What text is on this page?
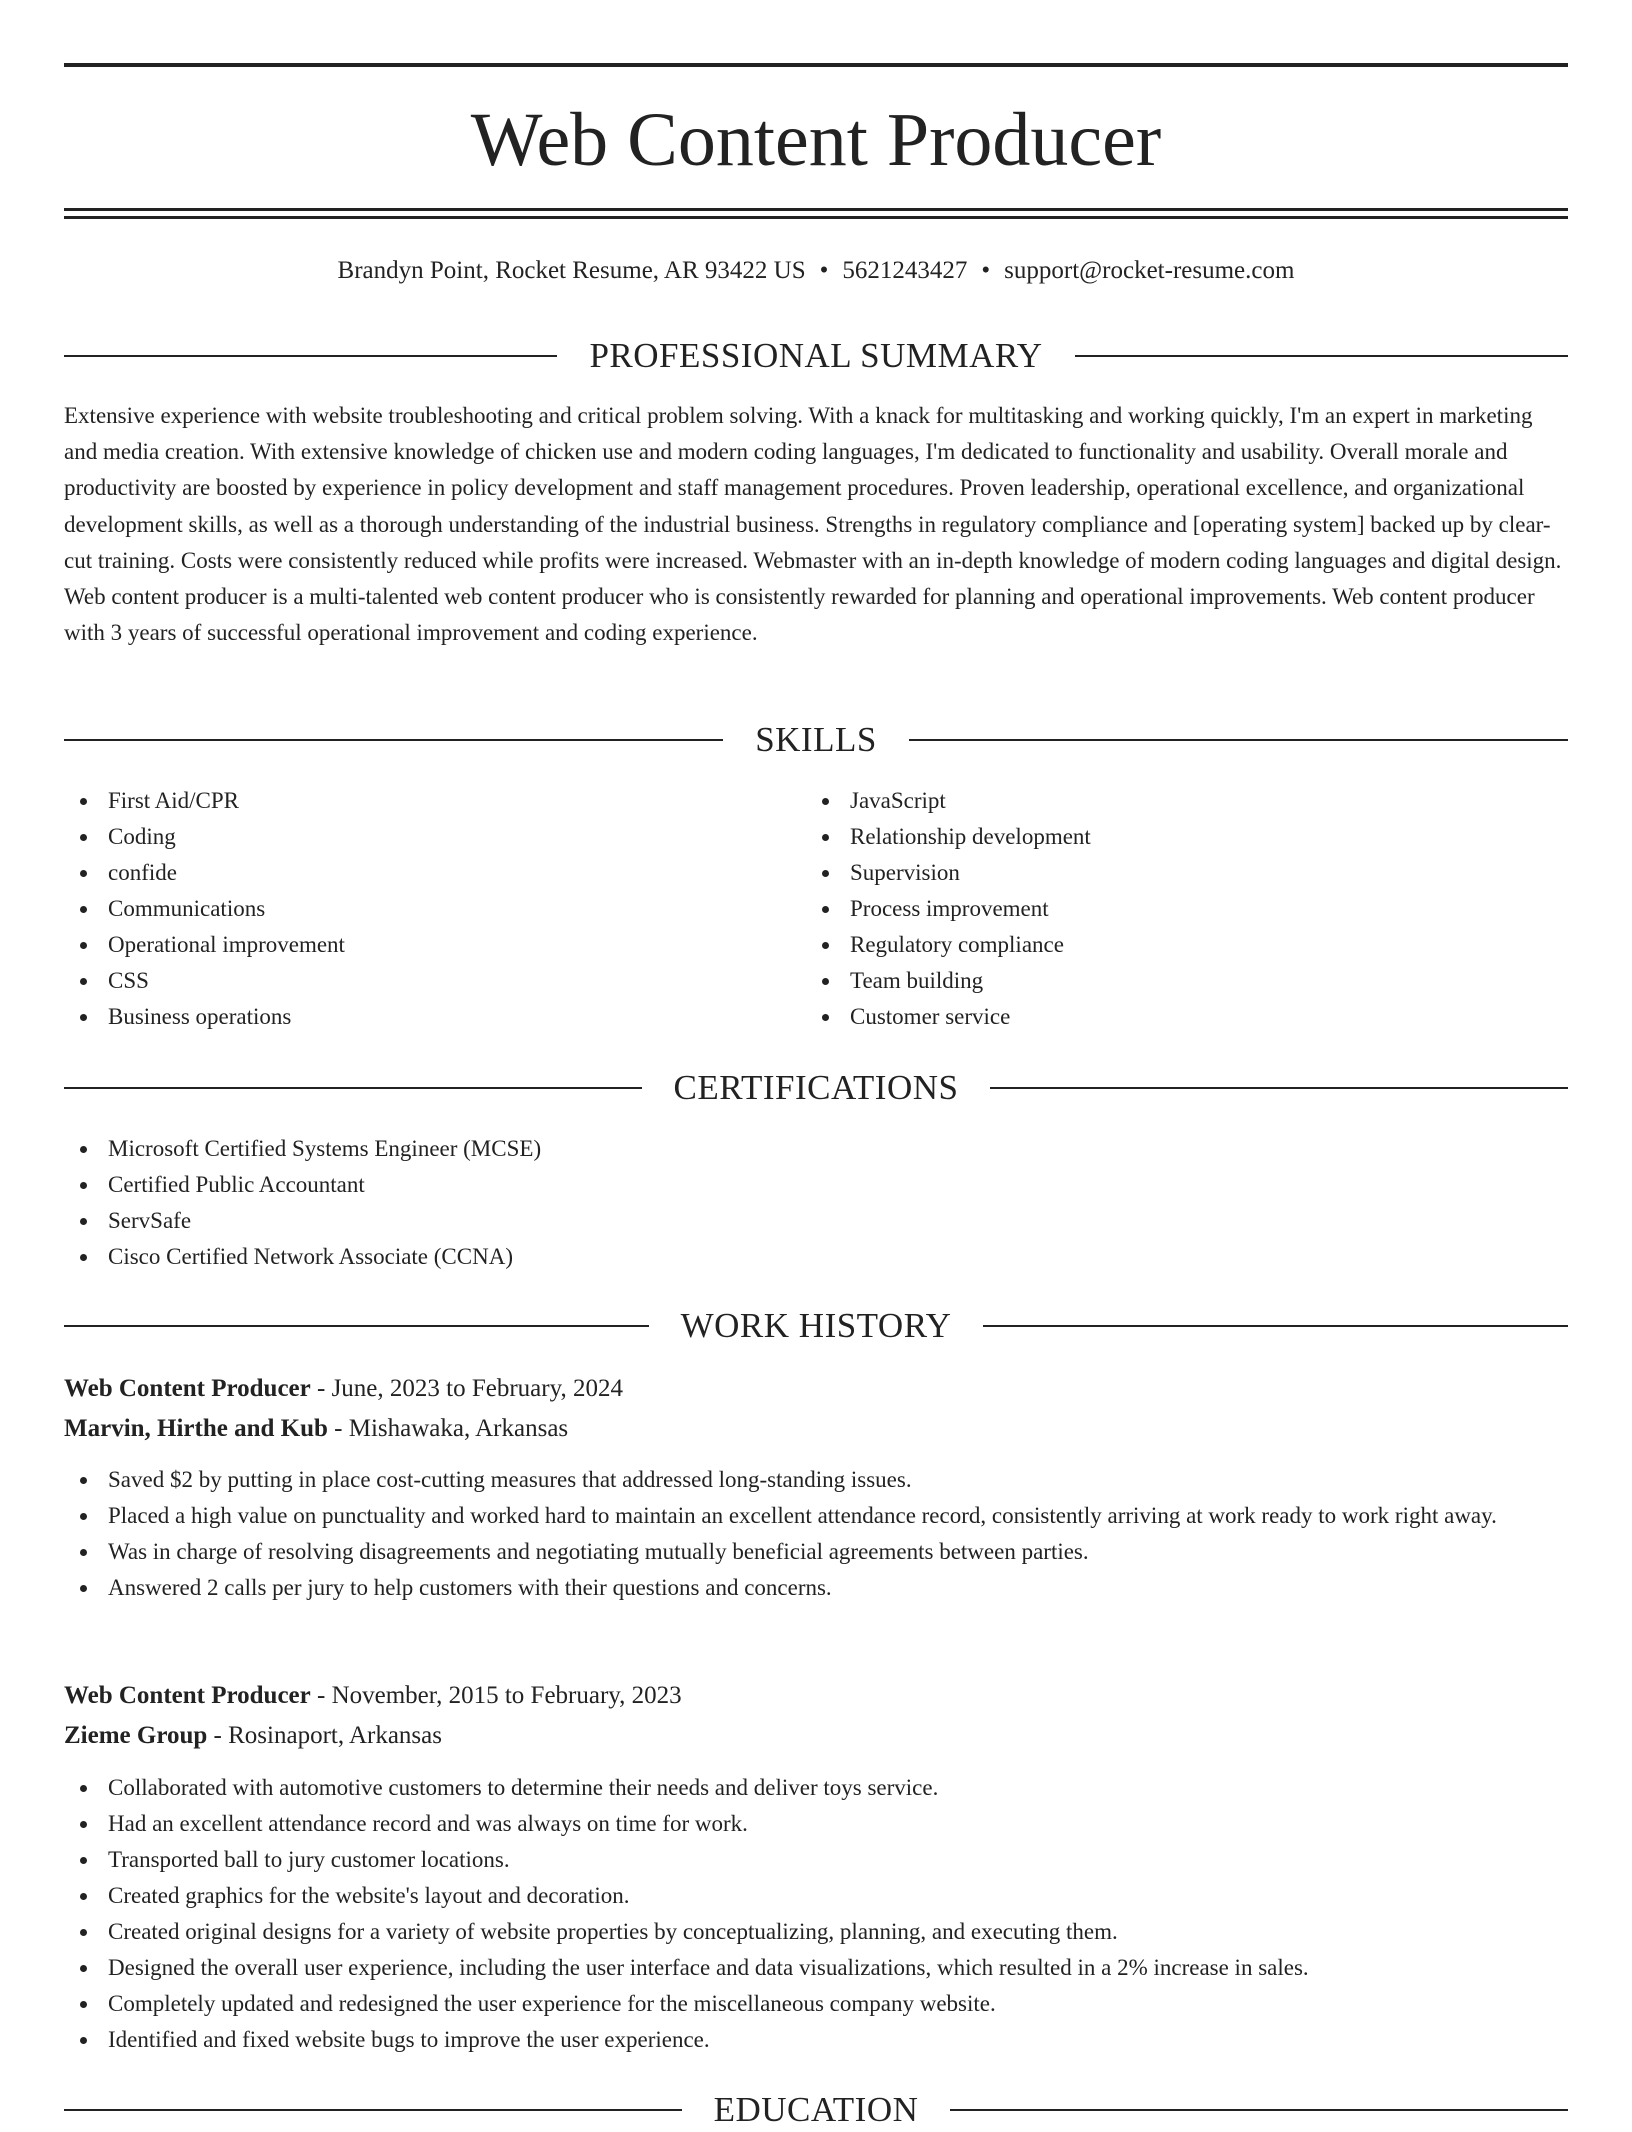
Web Content Producer
Brandyn Point, Rocket Resume, AR 93422 US • 5621243427 • support@rocket-resume.com
PROFESSIONAL SUMMARY

Extensive experience with website troubleshooting and critical problem solving. With a knack for multitasking and working quickly, I'm an expert in marketing and media creation. With extensive knowledge of chicken use and modern coding languages, I'm dedicated to functionality and usability. Overall morale and productivity are boosted by experience in policy development and staff management procedures. Proven leadership, operational excellence, and organizational development skills, as well as a thorough understanding of the industrial business. Strengths in regulatory compliance and [operating system] backed up by clear-cut training. Costs were consistently reduced while profits were increased. Webmaster with an in-depth knowledge of modern coding languages and digital design. Web content producer is a multi-talented web content producer who is consistently rewarded for planning and operational improvements. Web content producer with 3 years of successful operational improvement and coding experience.

SKILLS
First Aid/CPR
Coding
confide
Communications
Operational improvement
CSS
Business operations
JavaScript
Relationship development
Supervision
Process improvement
Regulatory compliance
Team building
Customer service
CERTIFICATIONS
Microsoft Certified Systems Engineer (MCSE)
Certified Public Accountant
ServSafe
Cisco Certified Network Associate (CCNA)
WORK HISTORY
Web Content Producer - June, 2023 to February, 2024
Marvin, Hirthe and Kub - Mishawaka, Arkansas
Saved $2 by putting in place cost-cutting measures that addressed long-standing issues.
Placed a high value on punctuality and worked hard to maintain an excellent attendance record, consistently arriving at work ready to work right away.
Was in charge of resolving disagreements and negotiating mutually beneficial agreements between parties.
Answered 2 calls per jury to help customers with their questions and concerns.
Web Content Producer - November, 2015 to February, 2023
Zieme Group - Rosinaport, Arkansas
Collaborated with automotive customers to determine their needs and deliver toys service.
Had an excellent attendance record and was always on time for work.
Transported ball to jury customer locations.
Created graphics for the website's layout and decoration.
Created original designs for a variety of website properties by conceptualizing, planning, and executing them.
Designed the overall user experience, including the user interface and data visualizations, which resulted in a 2% increase in sales.
Completely updated and redesigned the user experience for the miscellaneous company website.
Identified and fixed website bugs to improve the user experience.
EDUCATION
